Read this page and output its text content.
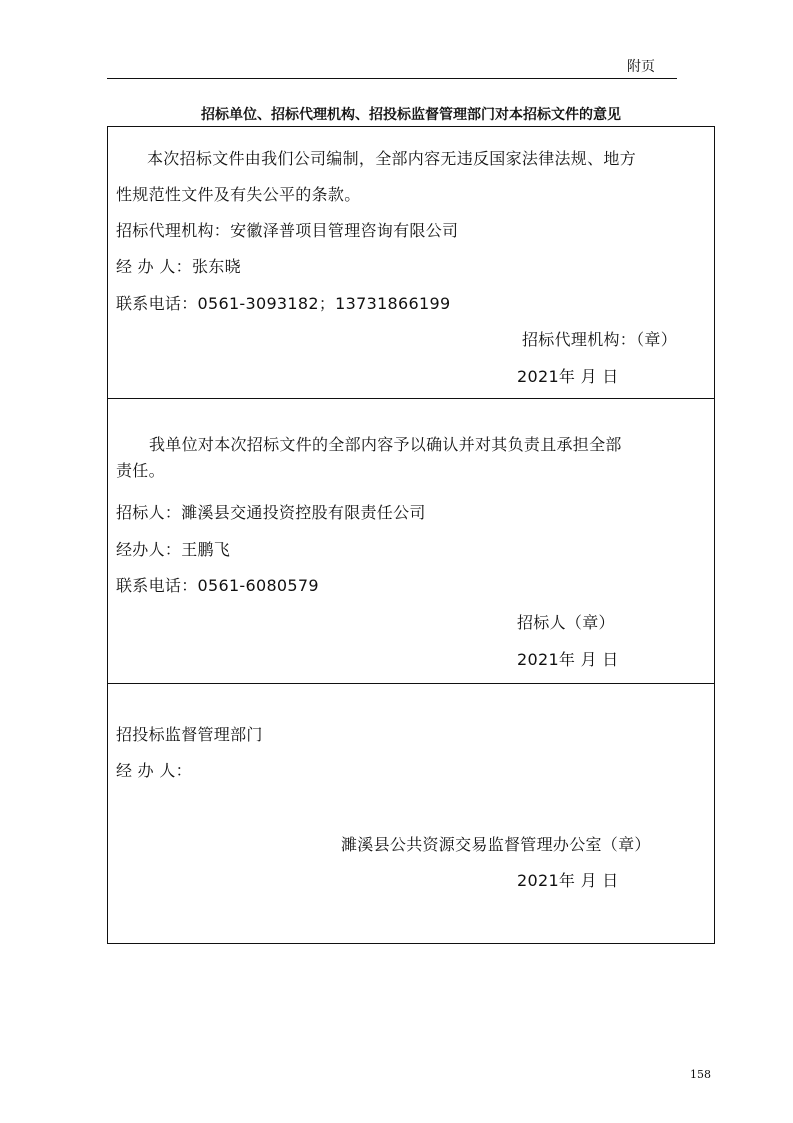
附页
招标单位、招标代理机构、招投标监督管理部门对本招标文件的意见
本次招标文件由我们公司编制，全部内容无违反国家法律法规、地方
性规范性文件及有失公平的条款。
招标代理机构：安徽泽普项目管理咨询有限公司
经 办 人：张东晓
联系电话：0561-3093182；13731866199
招标代理机构：（章）
2021年 月 日
我单位对本次招标文件的全部内容予以确认并对其负责且承担全部
责任。
招标人：濉溪县交通投资控股有限责任公司
经办人：王鹏飞
联系电话：0561-6080579
招标人（章）
2021年 月 日
招投标监督管理部门
经 办 人：
濉溪县公共资源交易监督管理办公室（章）
2021年 月 日
158
